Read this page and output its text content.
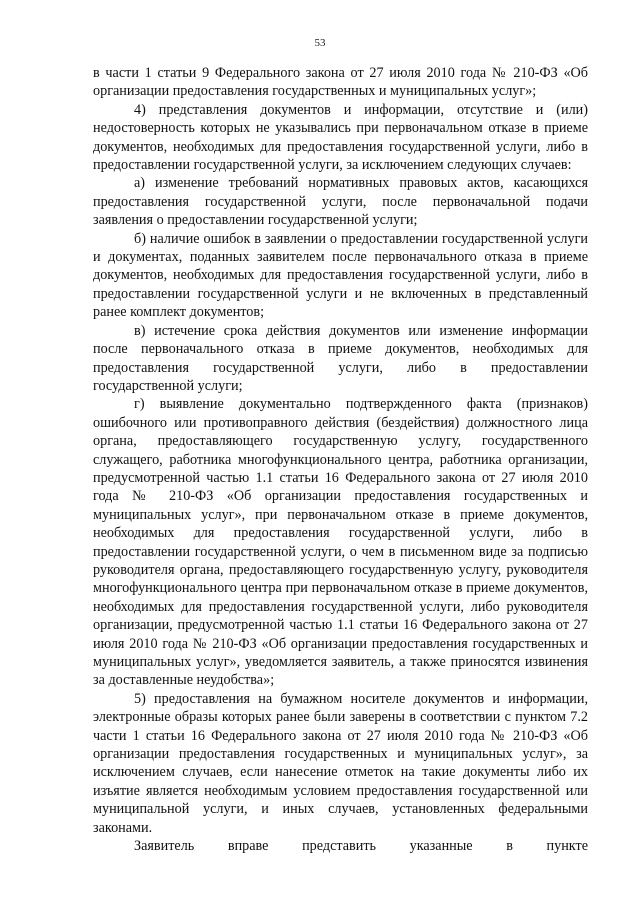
53

в части 1 статьи 9 Федерального закона от 27 июля 2010 года № 210-ФЗ «Об организации предоставления государственных и муниципальных услуг»;

4) представления документов и информации, отсутствие и (или) недостоверность которых не указывались при первоначальном отказе в приеме документов, необходимых для предоставления государственной услуги, либо в предоставлении государственной услуги, за исключением следующих случаев:

а) изменение требований нормативных правовых актов, касающихся предоставления государственной услуги, после первоначальной подачи заявления о предоставлении государственной услуги;

б) наличие ошибок в заявлении о предоставлении государственной услуги и документах, поданных заявителем после первоначального отказа в приеме документов, необходимых для предоставления государственной услуги, либо в предоставлении государственной услуги и не включенных в представленный ранее комплект документов;

в) истечение срока действия документов или изменение информации после первоначального отказа в приеме документов, необходимых для предоставления государственной услуги, либо в предоставлении государственной услуги;

г) выявление документально подтвержденного факта (признаков) ошибочного или противоправного действия (бездействия) должностного лица органа, предоставляющего государственную услугу, государственного служащего, работника многофункционального центра, работника организации, предусмотренной частью 1.1 статьи 16 Федерального закона от 27 июля 2010 года № 210-ФЗ «Об организации предоставления государственных и муниципальных услуг», при первоначальном отказе в приеме документов, необходимых для предоставления государственной услуги, либо в предоставлении государственной услуги, о чем в письменном виде за подписью руководителя органа, предоставляющего государственную услугу, руководителя многофункционального центра при первоначальном отказе в приеме документов, необходимых для предоставления государственной услуги, либо руководителя организации, предусмотренной частью 1.1 статьи 16 Федерального закона от 27 июля 2010 года № 210-ФЗ «Об организации предоставления государственных и муниципальных услуг», уведомляется заявитель, а также приносятся извинения за доставленные неудобства»;

5) предоставления на бумажном носителе документов и информации, электронные образы которых ранее были заверены в соответствии с пунктом 7.2 части 1 статьи 16 Федерального закона от 27 июля 2010 года № 210-ФЗ «Об организации предоставления государственных и муниципальных услуг», за исключением случаев, если нанесение отметок на такие документы либо их изъятие является необходимым условием предоставления государственной или муниципальной услуги, и иных случаев, установленных федеральными законами.

Заявитель вправе представить указанные в пункте
